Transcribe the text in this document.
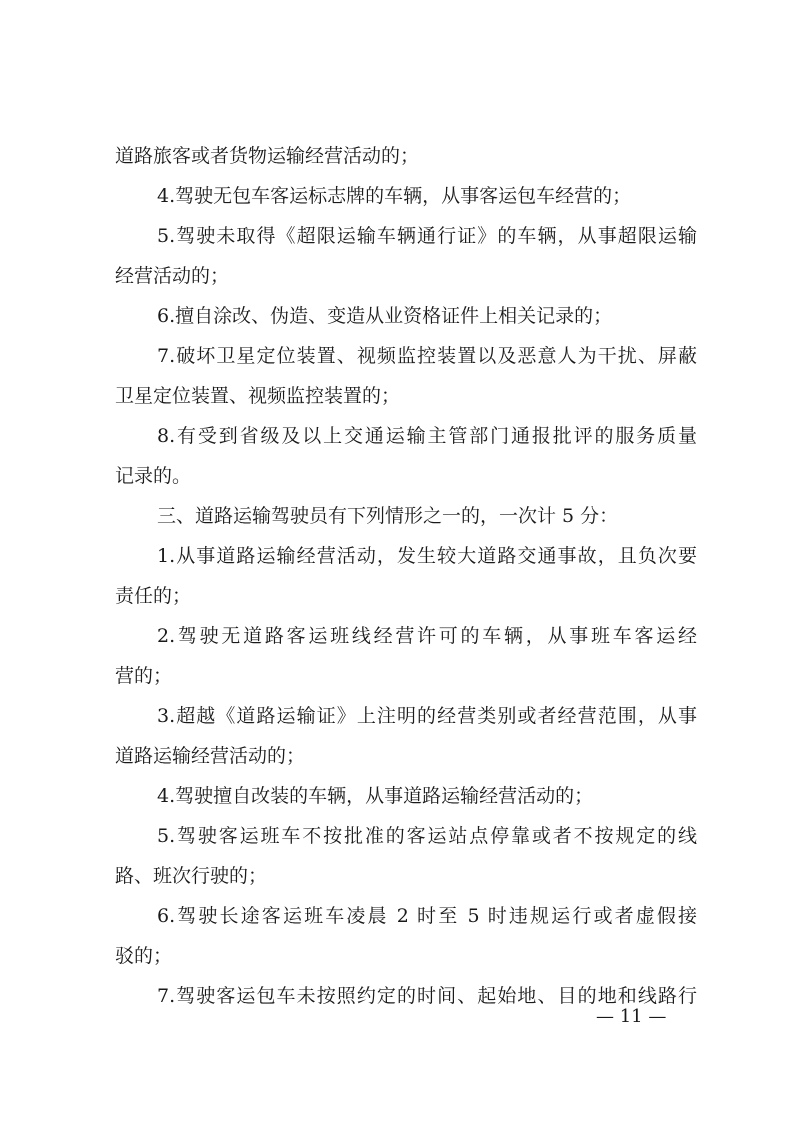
道路旅客或者货物运输经营活动的；
4.驾驶无包车客运标志牌的车辆，从事客运包车经营的；
5.驾驶未取得《超限运输车辆通行证》的车辆，从事超限运输
经营活动的；
6.擅自涂改、伪造、变造从业资格证件上相关记录的；
7.破坏卫星定位装置、视频监控装置以及恶意人为干扰、屏蔽
卫星定位装置、视频监控装置的；
8.有受到省级及以上交通运输主管部门通报批评的服务质量
记录的。
三、道路运输驾驶员有下列情形之一的，一次计 5 分：
1.从事道路运输经营活动，发生较大道路交通事故，且负次要
责任的；
2.驾驶无道路客运班线经营许可的车辆，从事班车客运经
营的；
3.超越《道路运输证》上注明的经营类别或者经营范围，从事
道路运输经营活动的；
4.驾驶擅自改装的车辆，从事道路运输经营活动的；
5.驾驶客运班车不按批准的客运站点停靠或者不按规定的线
路、班次行驶的；
6.驾驶长途客运班车凌晨 2 时至 5 时违规运行或者虚假接
驳的；
7.驾驶客运包车未按照约定的时间、起始地、目的地和线路行
— 11 —
